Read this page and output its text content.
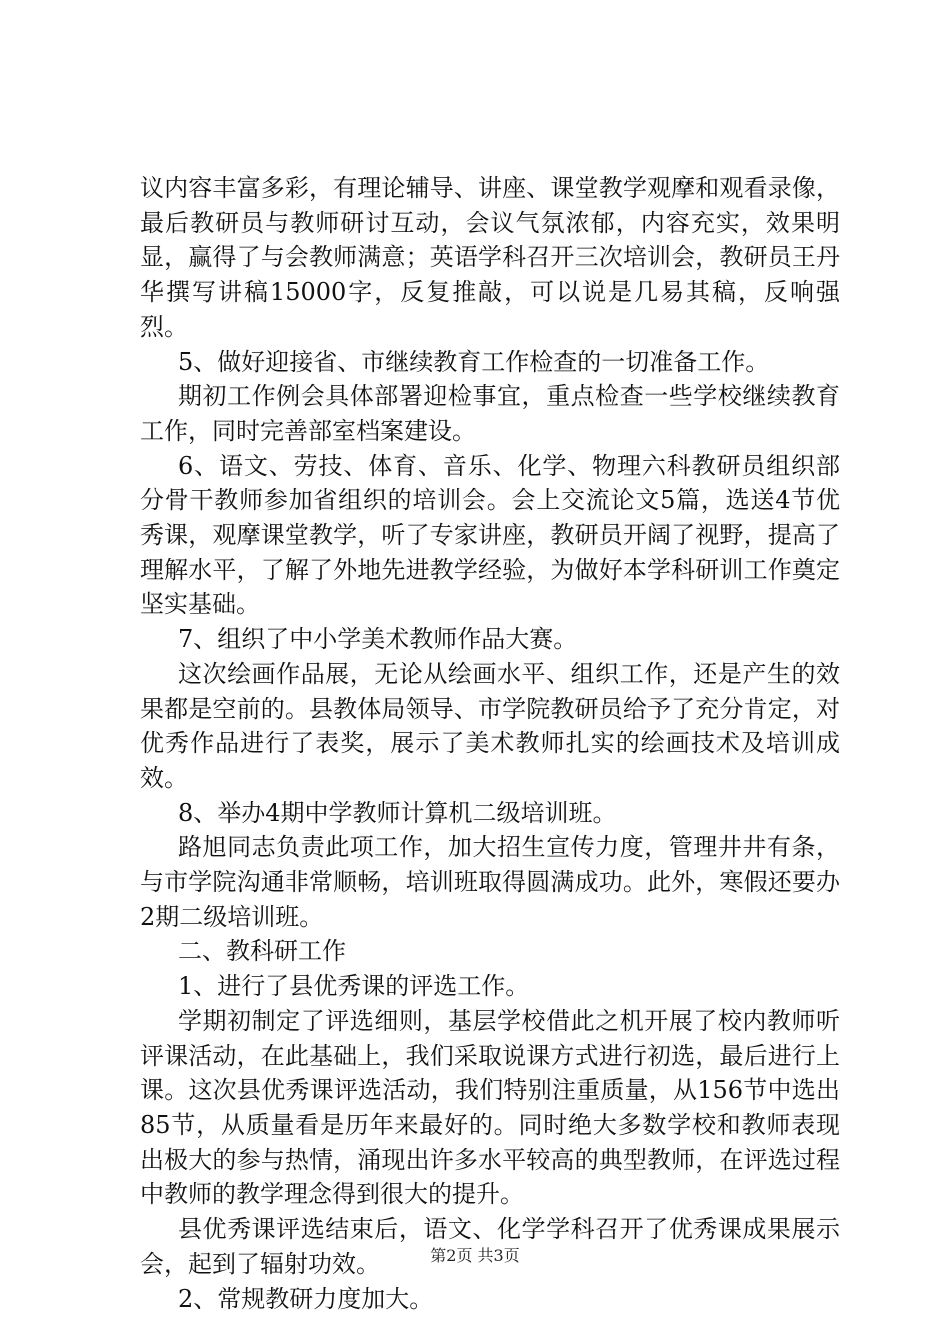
议内容丰富多彩，有理论辅导、讲座、课堂教学观摩和观看录像，最后教研员与教师研讨互动，会议气氛浓郁，内容充实，效果明显，赢得了与会教师满意；英语学科召开三次培训会，教研员王丹华撰写讲稿15000字，反复推敲，可以说是几易其稿，反响强烈。

5、做好迎接省、市继续教育工作检查的一切准备工作。

期初工作例会具体部署迎检事宜，重点检查一些学校继续教育工作，同时完善部室档案建设。

6、语文、劳技、体育、音乐、化学、物理六科教研员组织部分骨干教师参加省组织的培训会。会上交流论文5篇，选送4节优秀课，观摩课堂教学，听了专家讲座，教研员开阔了视野，提高了理解水平，了解了外地先进教学经验，为做好本学科研训工作奠定坚实基础。

7、组织了中小学美术教师作品大赛。

这次绘画作品展，无论从绘画水平、组织工作，还是产生的效果都是空前的。县教体局领导、市学院教研员给予了充分肯定，对优秀作品进行了表奖，展示了美术教师扎实的绘画技术及培训成效。

8、举办4期中学教师计算机二级培训班。

路旭同志负责此项工作，加大招生宣传力度，管理井井有条，与市学院沟通非常顺畅，培训班取得圆满成功。此外，寒假还要办2期二级培训班。

二、教科研工作

1、进行了县优秀课的评选工作。

学期初制定了评选细则，基层学校借此之机开展了校内教师听评课活动，在此基础上，我们采取说课方式进行初选，最后进行上课。这次县优秀课评选活动，我们特别注重质量，从156节中选出85节，从质量看是历年来最好的。同时绝大多数学校和教师表现出极大的参与热情，涌现出许多水平较高的典型教师，在评选过程中教师的教学理念得到很大的提升。

县优秀课评选结束后，语文、化学学科召开了优秀课成果展示会，起到了辐射功效。

2、常规教研力度加大。

第2页 共3页
